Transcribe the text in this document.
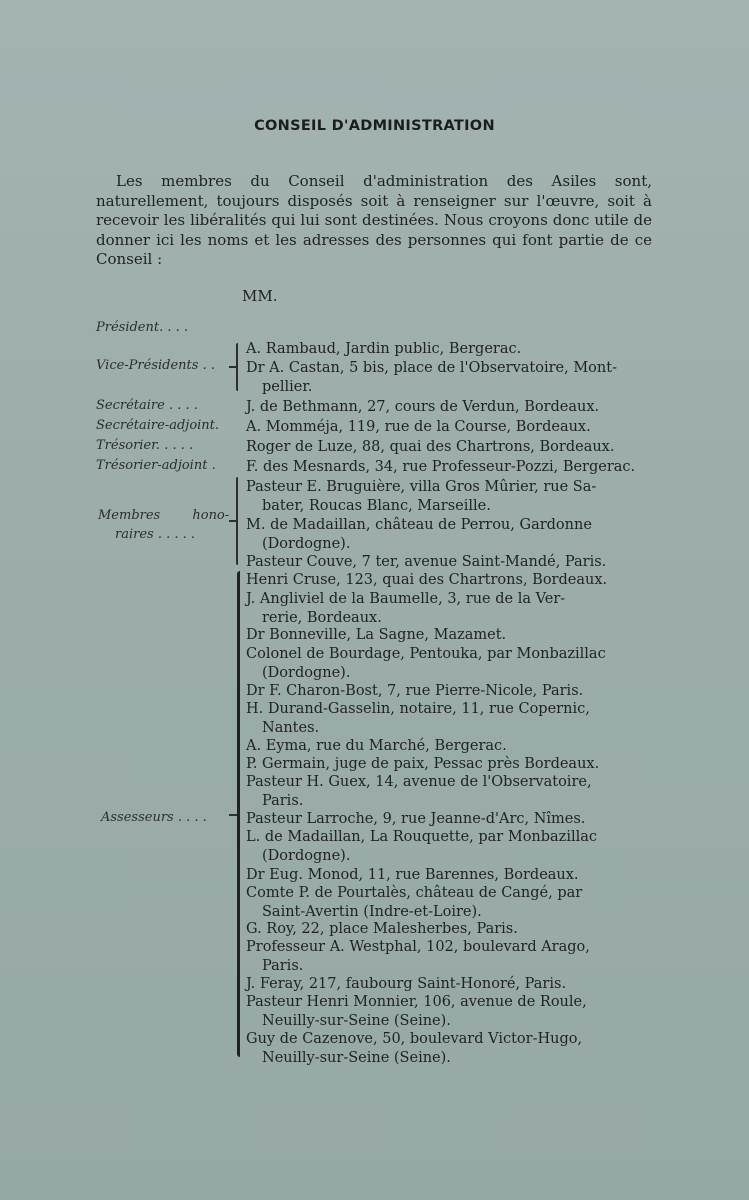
CONSEIL D'ADMINISTRATION
Les membres du Conseil d'administration des Asiles sont, naturellement, toujours disposés soit à renseigner sur l'œuvre, soit à recevoir les libéralités qui lui sont destinées. Nous croyons donc utile de donner ici les noms et les adresses des personnes qui font partie de ce Conseil :
MM.
Président. . . .
Vice-Présidents . .
Secrétaire . . . .
Secrétaire-adjoint.
Trésorier. . . . .
Trésorier-adjoint .
Membres hono-
raires . . . . .
Assesseurs . . . .
A. Rambaud, Jardin public, Bergerac.
Dr A. Castan, 5 bis, place de l'Observatoire, Mont-
pellier.
J. de Bethmann, 27, cours de Verdun, Bordeaux.
A. Momméja, 119, rue de la Course, Bordeaux.
Roger de Luze, 88, quai des Chartrons, Bordeaux.
F. des Mesnards, 34, rue Professeur-Pozzi, Bergerac.
Pasteur E. Bruguière, villa Gros Mûrier, rue Sa-
bater, Roucas Blanc, Marseille.
M. de Madaillan, château de Perrou, Gardonne
(Dordogne).
Pasteur Couve, 7 ter, avenue Saint-Mandé, Paris.
Henri Cruse, 123, quai des Chartrons, Bordeaux.
J. Angliviel de la Baumelle, 3, rue de la Ver-
rerie, Bordeaux.
Dr Bonneville, La Sagne, Mazamet.
Colonel de Bourdage, Pentouka, par Monbazillac
(Dordogne).
Dr F. Charon-Bost, 7, rue Pierre-Nicole, Paris.
H. Durand-Gasselin, notaire, 11, rue Copernic,
Nantes.
A. Eyma, rue du Marché, Bergerac.
P. Germain, juge de paix, Pessac près Bordeaux.
Pasteur H. Guex, 14, avenue de l'Observatoire,
Paris.
Pasteur Larroche, 9, rue Jeanne-d'Arc, Nîmes.
L. de Madaillan, La Rouquette, par Monbazillac
(Dordogne).
Dr Eug. Monod, 11, rue Barennes, Bordeaux.
Comte P. de Pourtalès, château de Cangé, par
Saint-Avertin (Indre-et-Loire).
G. Roy, 22, place Malesherbes, Paris.
Professeur A. Westphal, 102, boulevard Arago,
Paris.
J. Feray, 217, faubourg Saint-Honoré, Paris.
Pasteur Henri Monnier, 106, avenue de Roule,
Neuilly-sur-Seine (Seine).
Guy de Cazenove, 50, boulevard Victor-Hugo,
Neuilly-sur-Seine (Seine).
